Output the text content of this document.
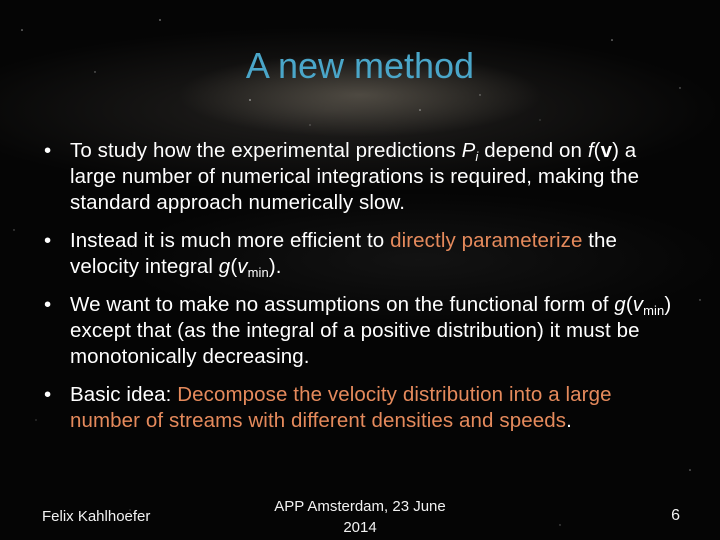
A new method
• To study how the experimental predictions $P_i$ depend on f(v) a large number of numerical integrations is required, making the standard approach numerically slow.
• Instead it is much more efficient to directly parameterize the velocity integral $g(v_{min})$.
• We want to make no assumptions on the functional form of $g(v_{min})$ except that (as the integral of a positive distribution) it must be monotonically decreasing.
• Basic idea: Decompose the velocity distribution into a large number of streams with different densities and speeds.
Felix Kahlhoefer
APP Amsterdam, 23 June
2014
6
